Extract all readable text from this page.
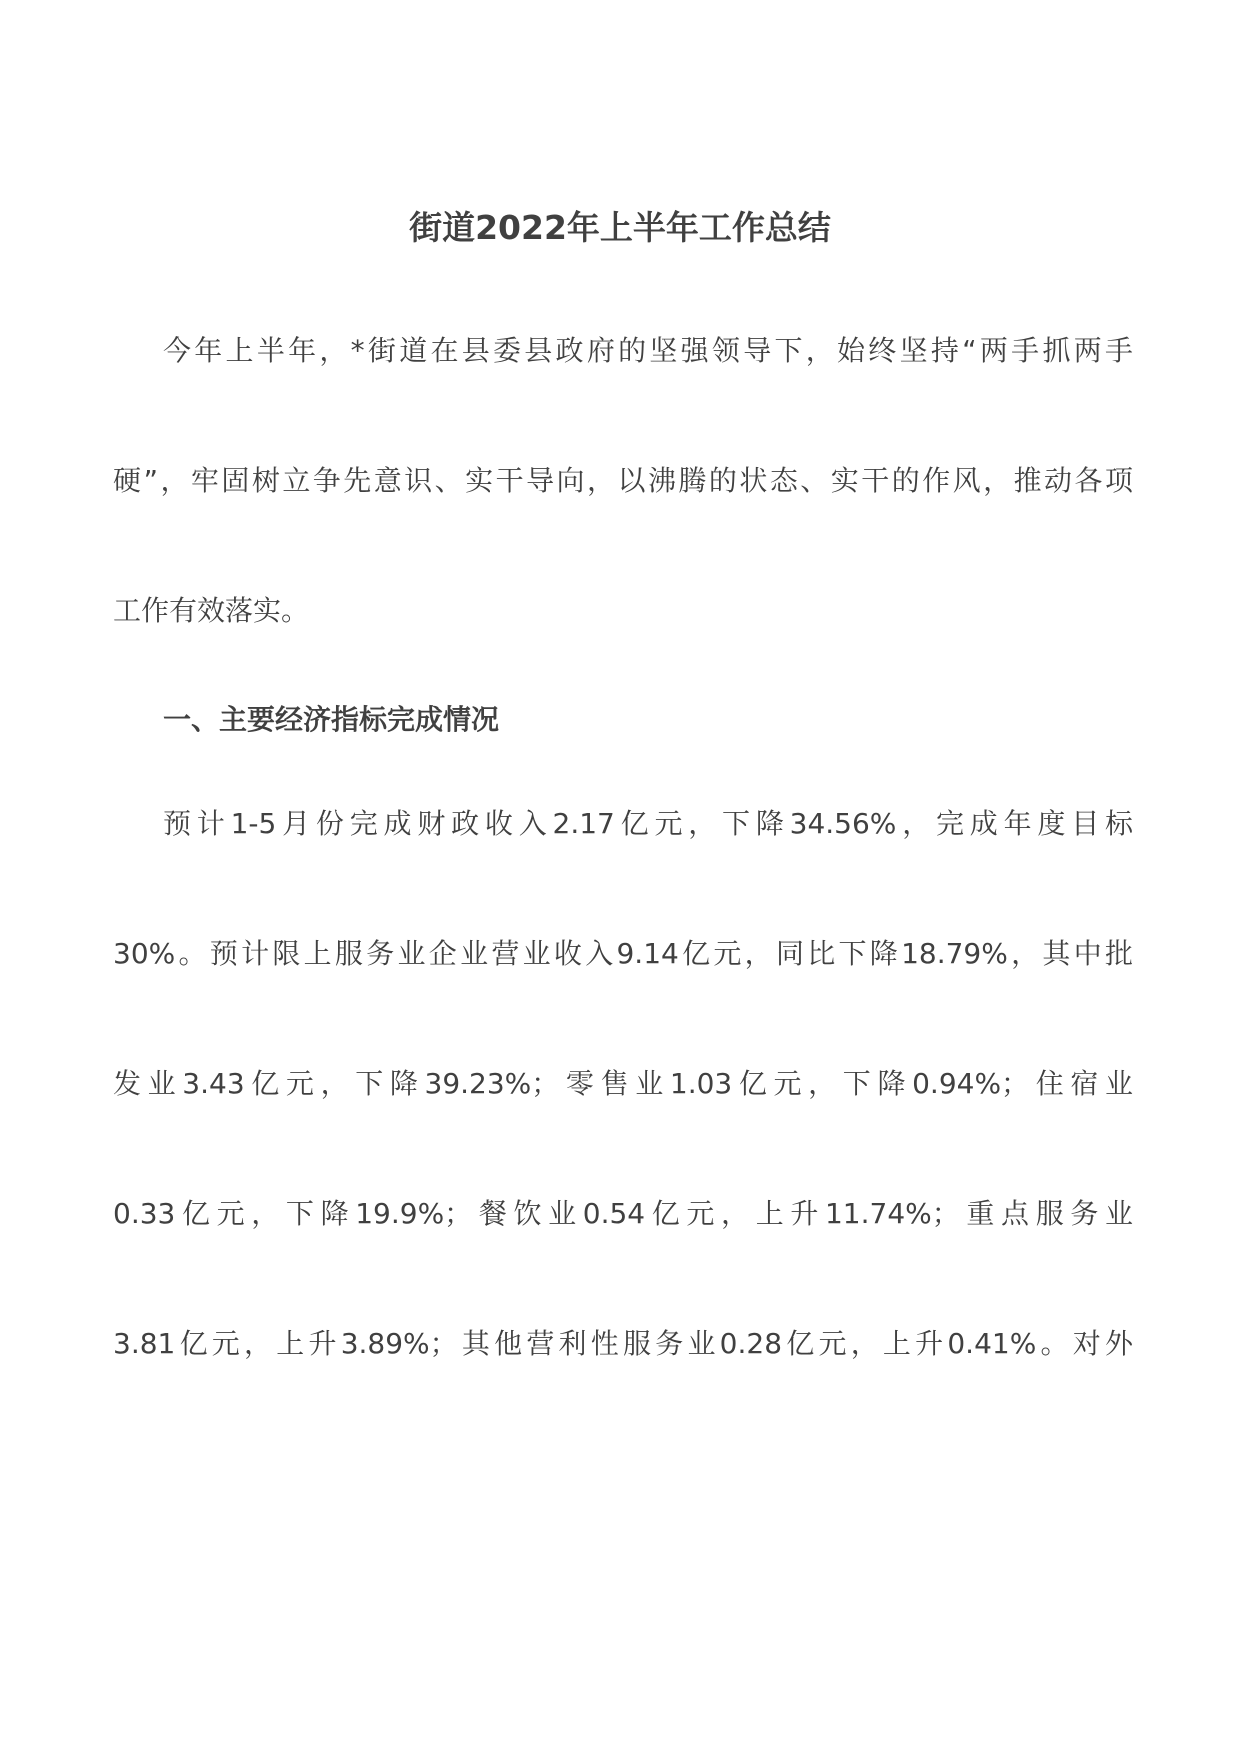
街道2022年上半年工作总结
今年上半年，*街道在县委县政府的坚强领导下，始终坚持“两手抓两手
硬”，牢固树立争先意识、实干导向，以沸腾的状态、实干的作风，推动各项
工作有效落实。
一、主要经济指标完成情况
预计1-5月份完成财政收入2.17亿元，下降34.56%，完成年度目标
30%。预计限上服务业企业营业收入9.14亿元，同比下降18.79%，其中批
发业3.43亿元，下降39.23%；零售业1.03亿元，下降0.94%；住宿业
0.33亿元，下降19.9%；餐饮业0.54亿元，上升11.74%；重点服务业
3.81亿元，上升3.89%；其他营利性服务业0.28亿元，上升0.41%。对外
